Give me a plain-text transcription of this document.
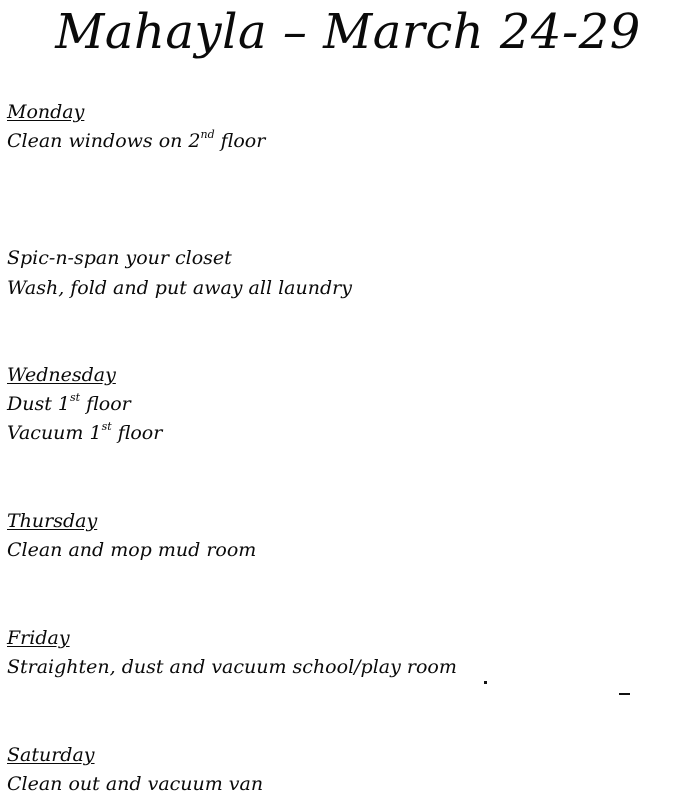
Mahayla – March 24-29
Monday
Clean windows on 2nd floor
Spic-n-span your closet
Wash, fold and put away all laundry
Wednesday
Dust 1st floor
Vacuum 1st floor
Thursday
Clean and mop mud room
Friday
Straighten, dust and vacuum school/play room
Saturday
Clean out and vacuum van
